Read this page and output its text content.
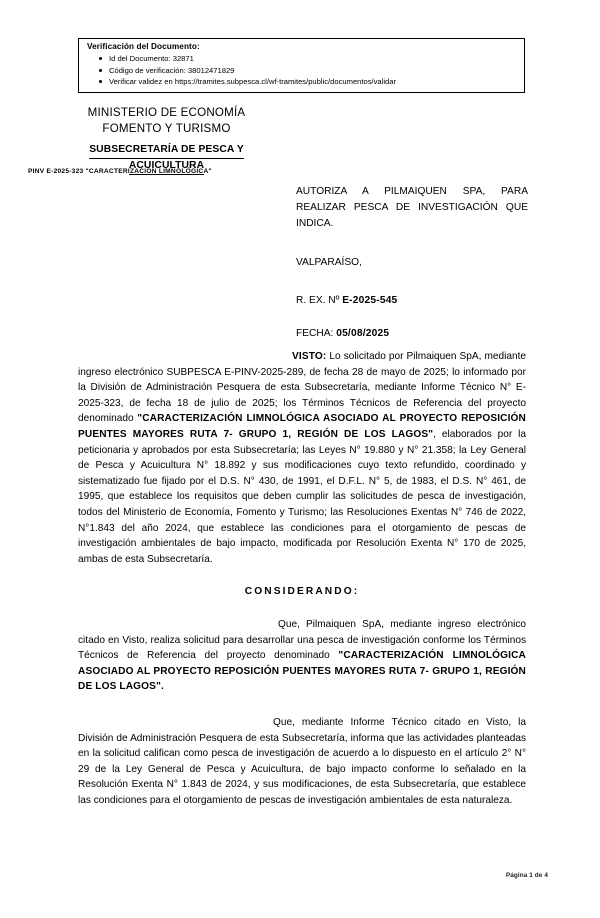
Verificación del Documento:
Id del Documento: 32871
Código de verificación: 38012471829
Verificar validez en https://tramites.subpesca.cl/wf-tramites/public/documentos/validar
MINISTERIO DE ECONOMÍA
FOMENTO Y TURISMO
SUBSECRETARÍA DE PESCA Y
ACUICULTURA
PINV E-2025-323 "CARACTERIZACIÓN LIMNOLÓGICA"
AUTORIZA A PILMAIQUEN SPA, PARA REALIZAR PESCA DE INVESTIGACIÓN QUE INDICA.
VALPARAÍSO,
R. EX. Nº E-2025-545
FECHA: 05/08/2025

VISTO: Lo solicitado por Pilmaiquen SpA, mediante ingreso electrónico SUBPESCA E-PINV-2025-289, de fecha 28 de mayo de 2025; lo informado por la División de Administración Pesquera de esta Subsecretaría, mediante Informe Técnico N° E-2025-323, de fecha 18 de julio de 2025; los Términos Técnicos de Referencia del proyecto denominado "CARACTERIZACIÓN LIMNOLÓGICA ASOCIADO AL PROYECTO REPOSICIÓN PUENTES MAYORES RUTA 7- GRUPO 1, REGIÓN DE LOS LAGOS", elaborados por la peticionaria y aprobados por esta Subsecretaría; las Leyes N° 19.880 y N° 21.358; la Ley General de Pesca y Acuicultura N° 18.892 y sus modificaciones cuyo texto refundido, coordinado y sistematizado fue fijado por el D.S. N° 430, de 1991, el D.F.L. N° 5, de 1983, el D.S. N° 461, de 1995, que establece los requisitos que deben cumplir las solicitudes de pesca de investigación, todos del Ministerio de Economía, Fomento y Turismo; las Resoluciones Exentas N° 746 de 2022, N°1.843 del año 2024, que establece las condiciones para el otorgamiento de pescas de investigación ambientales de bajo impacto, modificada por Resolución Exenta N° 170 de 2025, ambas de esta Subsecretaría.

CONSIDERANDO:

Que, Pilmaiquen SpA, mediante ingreso electrónico citado en Visto, realiza solicitud para desarrollar una pesca de investigación conforme los Términos Técnicos de Referencia del proyecto denominado "CARACTERIZACIÓN LIMNOLÓGICA ASOCIADO AL PROYECTO REPOSICIÓN PUENTES MAYORES RUTA 7- GRUPO 1, REGIÓN DE LOS LAGOS".

Que, mediante Informe Técnico citado en Visto, la División de Administración Pesquera de esta Subsecretaría, informa que las actividades planteadas en la solicitud califican como pesca de investigación de acuerdo a lo dispuesto en el artículo 2° N° 29 de la Ley General de Pesca y Acuicultura, de bajo impacto conforme lo señalado en la Resolución Exenta N° 1.843 de 2024, y sus modificaciones, de esta Subsecretaría, que establece las condiciones para el otorgamiento de pescas de investigación ambientales de esta naturaleza.

Página 1 de 4
